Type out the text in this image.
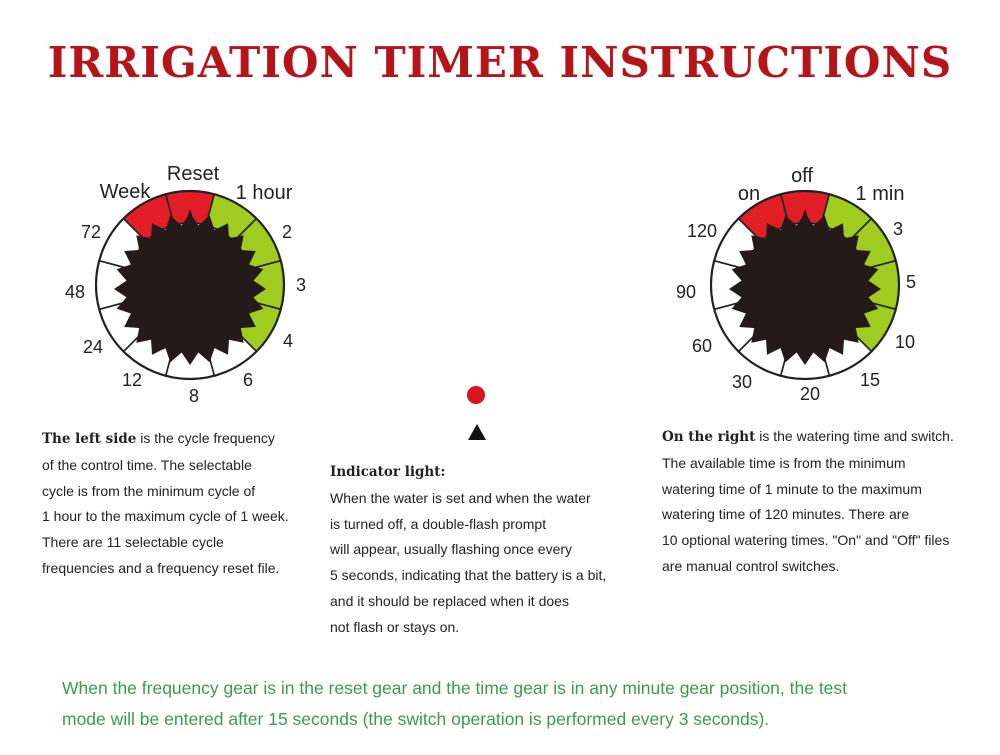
IRRIGATION TIMER INSTRUCTIONS
Week
Reset
1 hour
2
3
4
6
8
12
24
48
72
on
off
1 min
3
5
10
15
20
30
60
90
120
The left side is the cycle frequency
of the control time. The selectable
cycle is from the minimum cycle of
1 hour to the maximum cycle of 1 week.
There are 11 selectable cycle
frequencies and a frequency reset file.
Indicator light:
When the water is set and when the water
is turned off, a double-flash prompt
will appear, usually flashing once every
5 seconds, indicating that the battery is a bit,
and it should be replaced when it does
not flash or stays on.
On the right is the watering time and switch.
The available time is from the minimum
watering time of 1 minute to the maximum
watering time of 120 minutes. There are
10 optional watering times. "On" and "Off" files
are manual control switches.
When the frequency gear is in the reset gear and the time gear is in any minute gear position, the test
mode will be entered after 15 seconds (the switch operation is performed every 3 seconds).
